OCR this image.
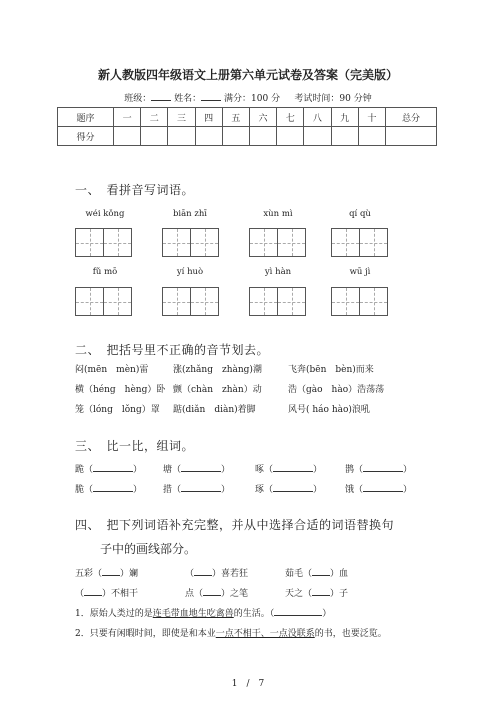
新人教版四年级语文上册第六单元试卷及答案（完美版）
班级：	姓名：	满分：100 分 考试时间：90 分钟
题序	一	二	三	四	五	六	七	八	九	十	总分
得分											
一、　看拼音写词语。
wéi kǒng	biān zhī	xùn mì	qí qù
fǔ mō	yí huò	yì hàn	wū jì
二、　把括号里不正确的音节划去。
闷(mēn　mèn)雷	涨(zhǎng　zhàng)潮	飞奔(bēn　bèn)而来
横（héng　hèng）卧 颤（chàn　zhàn）动	浩（gào　hào）浩荡荡
笼（lóng　lǒng）罩 踮(diǎn　diàn)着脚	风号( háo hào)浪吼
三、　比一比，组词。
跪（	） 塘（	）	啄（	）	鹊（	）
脆（	） 措（	）	琢（	）	饿（	）
四、　把下列词语补充完整，并从中选择合适的词语替换句
子中的画线部分。
五彩（ ）斓	（ ）喜若狂	茹毛（ ）血
（ ）不相干	点（ ）之笔	天之（ ）子
1．原始人类过的是连毛带血地生吃禽兽的生活。（	）
2．只要有闲暇时间，即使是和本业一点不相干、一点没联系的书，也要泛览。
1　/　7
